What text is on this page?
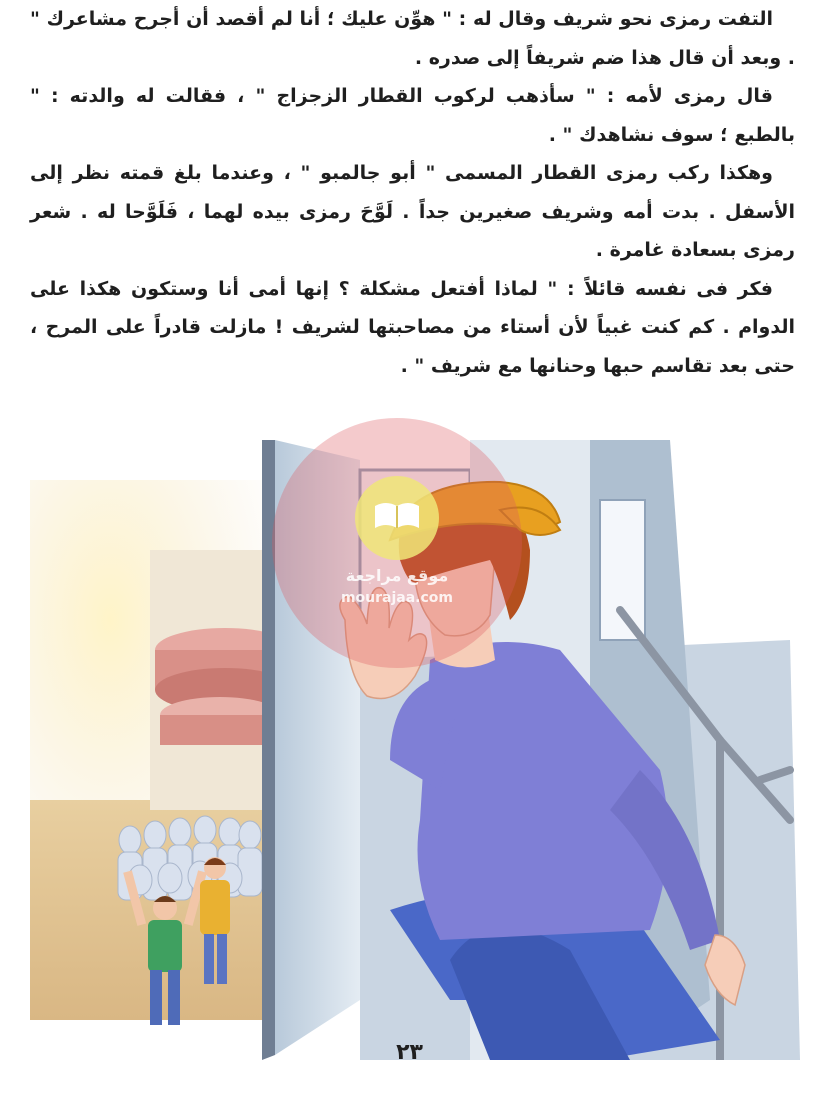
التفت رمزى نحو شريف وقال له : " هوِّن عليك ؛ أنا لم أقصد أن أجرح مشاعرك " . وبعد أن قال هذا ضم شريفاً إلى صدره .

قال رمزى لأمه : " سأذهب لركوب القطار الزجزاج " ، فقالت له والدته : " بالطبع ؛ سوف نشاهدك " .

وهكذا ركب رمزى القطار المسمى " أبو جالمبو " ، وعندما بلغ قمته نظر إلى الأسفل . بدت أمه وشريف صغيرين جداً . لَوَّحَ رمزى بيده لهما ، فَلَوَّحا له . شعر رمزى بسعادة غامرة .

فكر فى نفسه قائلاً : " لماذا أفتعل مشكلة ؟ إنها أمى أنا وستكون هكذا على الدوام . كم كنت غبياً لأن أستاء من مصاحبتها لشريف ! مازلت قادراً على المرح ، حتى بعد تقاسم حبها وحنانها مع شريف " .

موقع مراجعة
mourajaa.com
٢٣
